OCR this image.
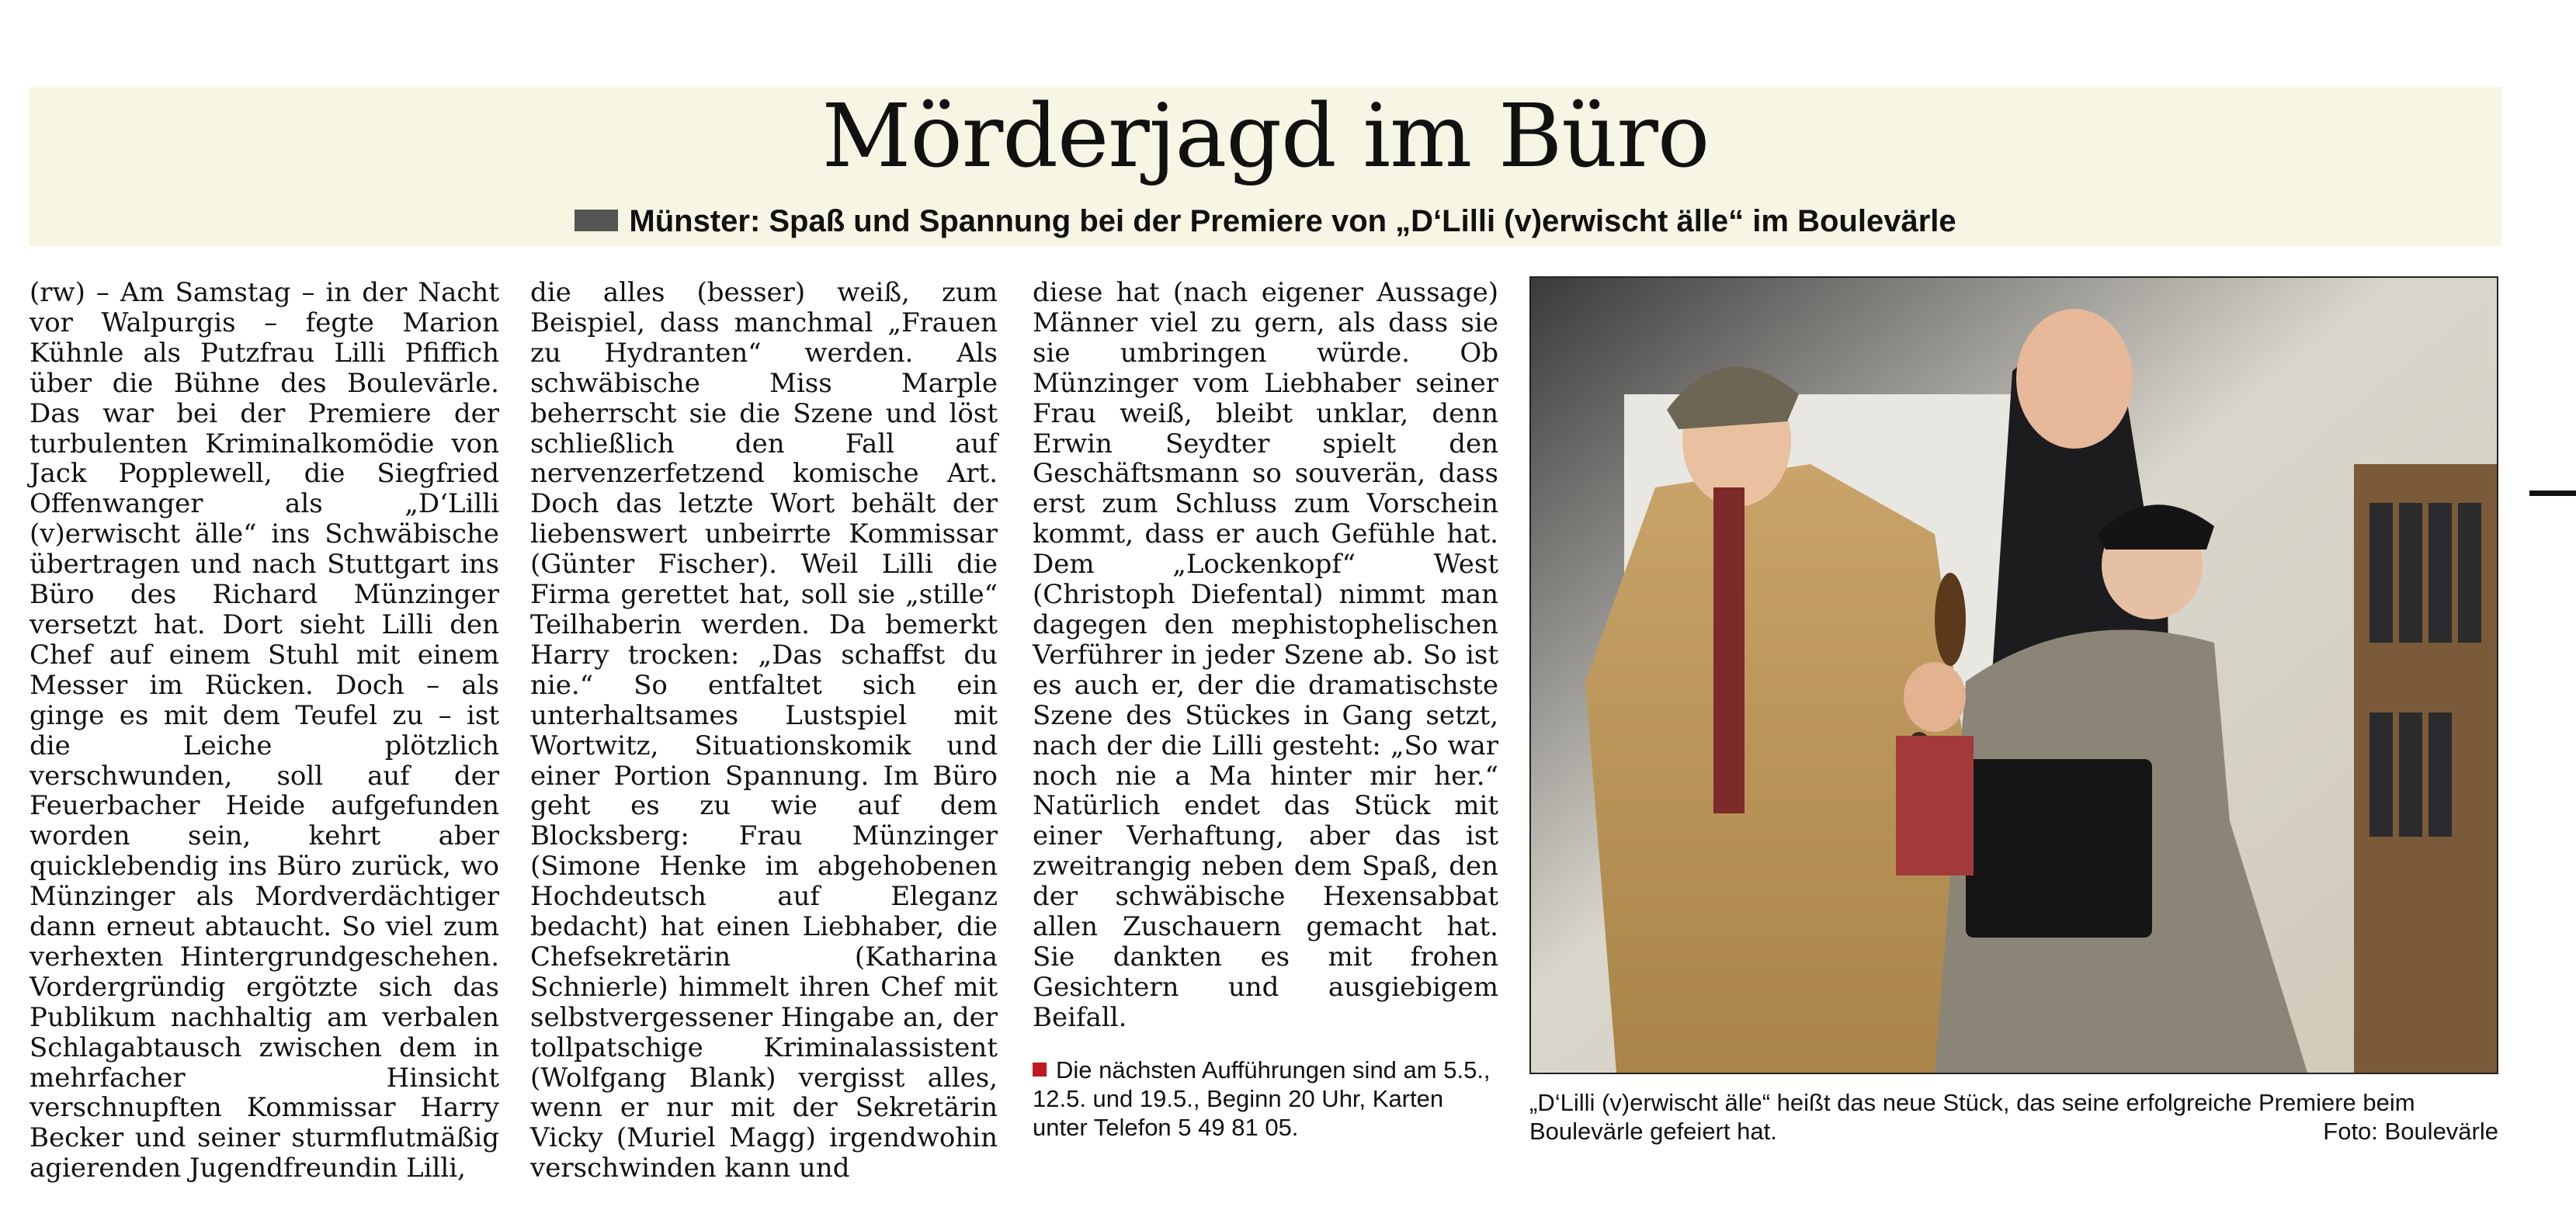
Mörderjagd im Büro
Münster: Spaß und Spannung bei der Premiere von „D‘Lilli (v)erwischt älle“ im Boulevärle

(rw) – Am Samstag – in der Nacht vor Walpurgis – fegte Marion Kühnle als Putzfrau Lilli Pfiffich über die Bühne des Boulevärle. Das war bei der Premiere der turbulenten Kriminalkomödie von Jack Popplewell, die Siegfried Offenwanger als „D‘Lilli (v)erwischt älle“ ins Schwäbische übertragen und nach Stuttgart ins Büro des Richard Münzinger versetzt hat. Dort sieht Lilli den Chef auf einem Stuhl mit einem Messer im Rücken. Doch – als ginge es mit dem Teufel zu – ist die Leiche plötzlich verschwunden, soll auf der Feuerbacher Heide aufgefunden worden sein, kehrt aber quicklebendig ins Büro zurück, wo Münzinger als Mordverdächtiger dann erneut abtaucht. So viel zum verhexten Hintergrundgeschehen. Vordergründig ergötzte sich das Publikum nachhaltig am verbalen Schlagabtausch zwischen dem in mehrfacher Hinsicht verschnupften Kommissar Harry Becker und seiner sturmflutmäßig agierenden Jugendfreundin Lilli,

die alles (besser) weiß, zum Beispiel, dass manchmal „Frauen zu Hydranten“ werden. Als schwäbische Miss Marple beherrscht sie die Szene und löst schließlich den Fall auf nervenzerfetzend komische Art. Doch das letzte Wort behält der liebenswert unbeirrte Kommissar (Günter Fischer). Weil Lilli die Firma gerettet hat, soll sie „stille“ Teilhaberin werden. Da bemerkt Harry trocken: „Das schaffst du nie.“ So entfaltet sich ein unterhaltsames Lustspiel mit Wortwitz, Situationskomik und einer Portion Spannung. Im Büro geht es zu wie auf dem Blocksberg: Frau Münzinger (Simone Henke im abgehobenen Hochdeutsch auf Eleganz bedacht) hat einen Liebhaber, die Chefsekretärin (Katharina Schnierle) himmelt ihren Chef mit selbstvergessener Hingabe an, der tollpatschige Kriminalassistent (Wolfgang Blank) vergisst alles, wenn er nur mit der Sekretärin Vicky (Muriel Magg) irgendwohin verschwinden kann und

diese hat (nach eigener Aussage) Männer viel zu gern, als dass sie sie umbringen würde. Ob Münzinger vom Liebhaber seiner Frau weiß, bleibt unklar, denn Erwin Seydter spielt den Geschäftsmann so souverän, dass erst zum Schluss zum Vorschein kommt, dass er auch Gefühle hat. Dem „Lockenkopf“ West (Christoph Diefental) nimmt man dagegen den mephistophelischen Verführer in jeder Szene ab. So ist es auch er, der die dramatischste Szene des Stückes in Gang setzt, nach der die Lilli gesteht: „So war noch nie a Ma hinter mir her.“ Natürlich endet das Stück mit einer Verhaftung, aber das ist zweitrangig neben dem Spaß, den der schwäbische Hexensabbat allen Zuschauern gemacht hat. Sie dankten es mit frohen Gesichtern und ausgiebigem Beifall.

Die nächsten Aufführungen sind am 5.5., 12.5. und 19.5., Beginn 20 Uhr, Karten unter Telefon 5 49 81 05.
„D‘Lilli (v)erwischt älle“ heißt das neue Stück, das seine erfolgreiche Premiere beim Boulevärle gefeiert hat.	Foto: Boulevärle
